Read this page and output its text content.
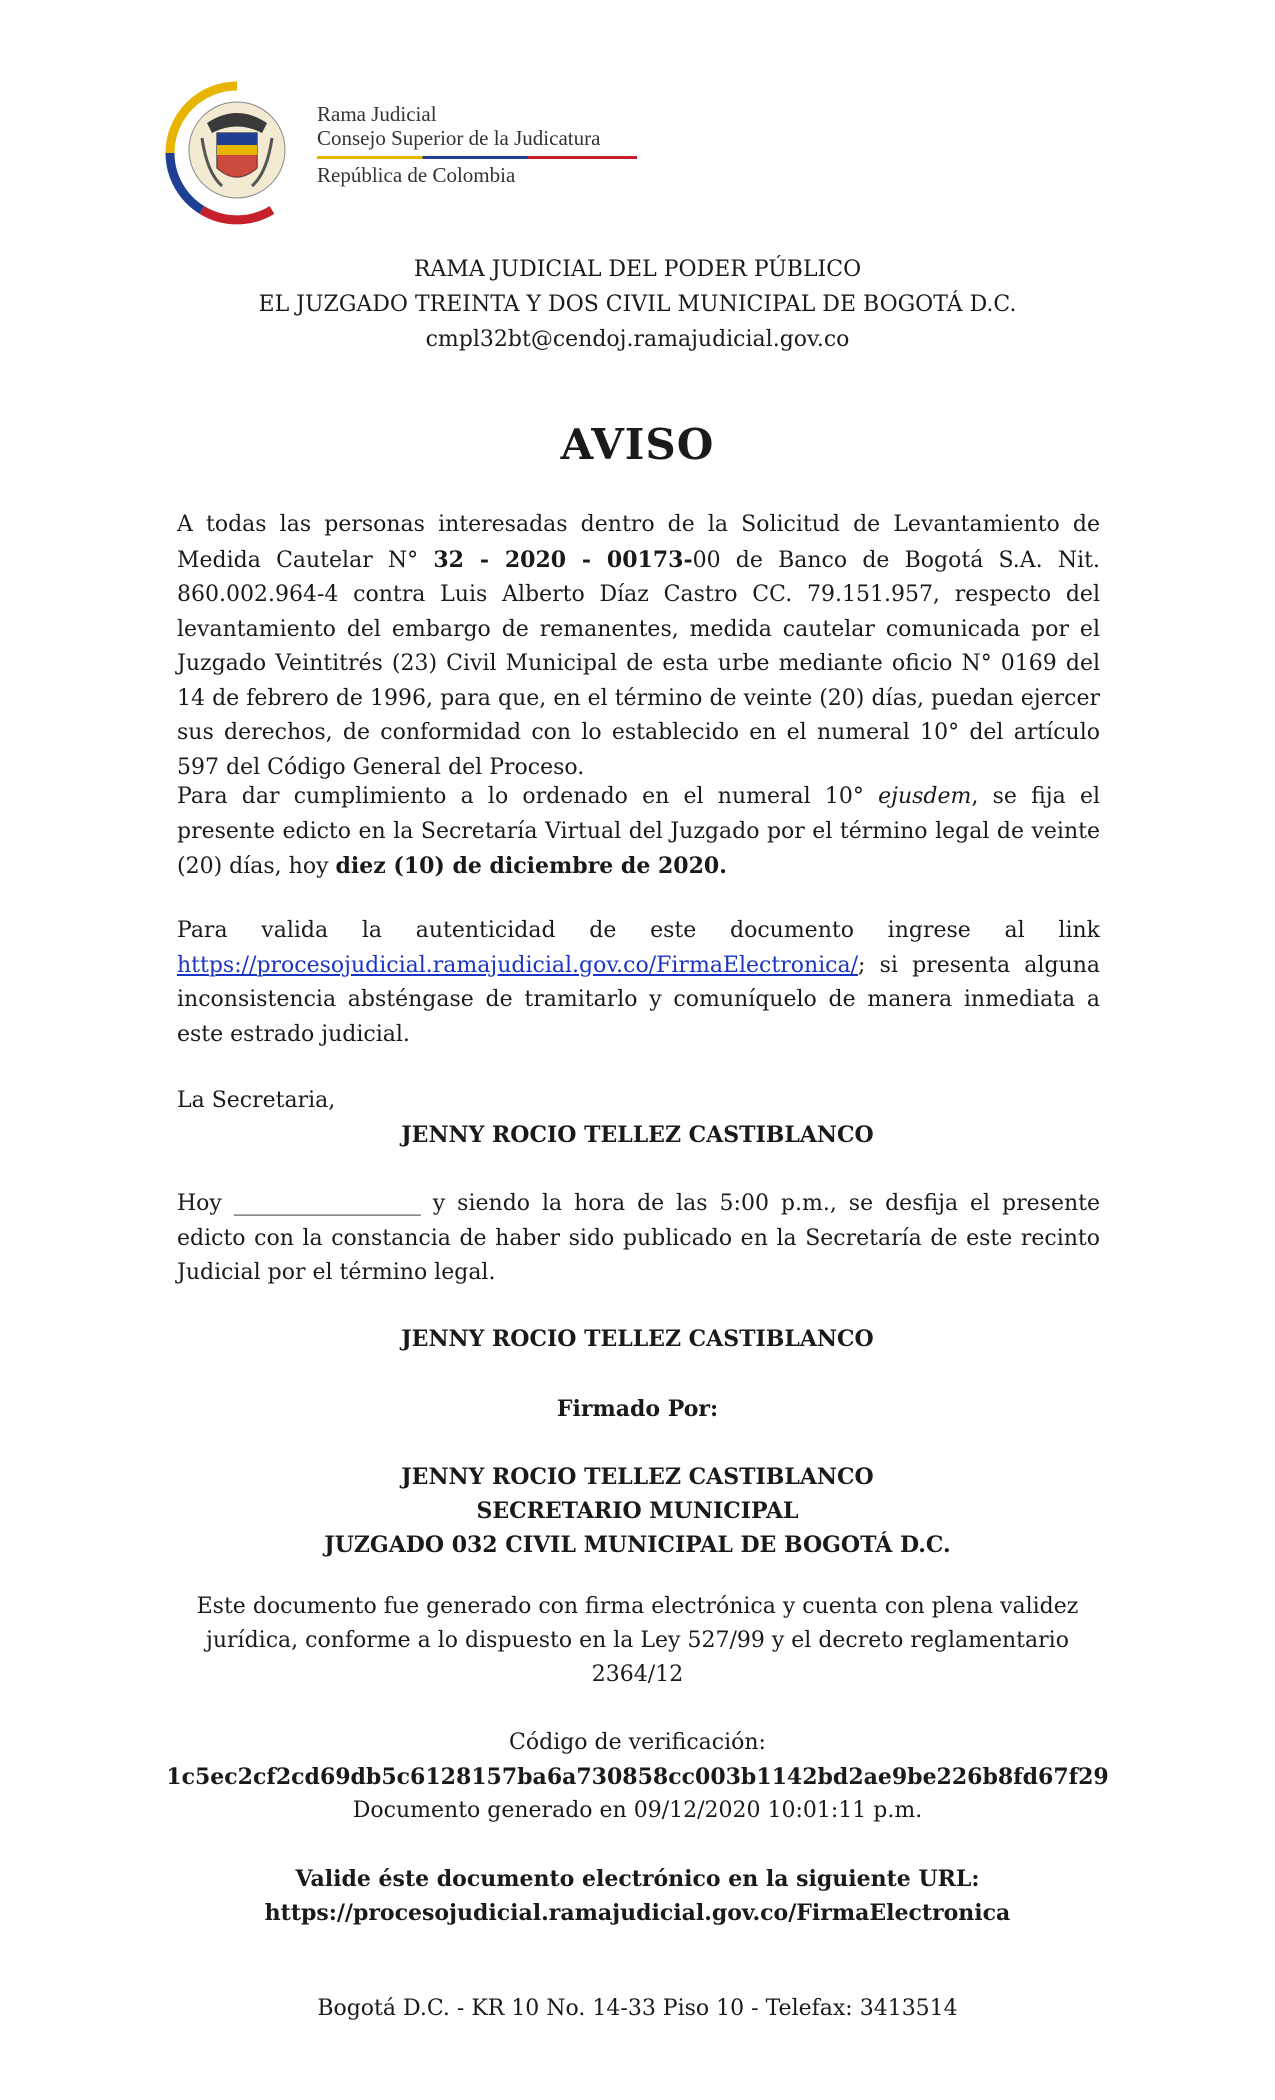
Rama Judicial
Consejo Superior de la Judicatura
República de Colombia
RAMA JUDICIAL DEL PODER PÚBLICO
EL JUZGADO TREINTA Y DOS CIVIL MUNICIPAL DE BOGOTÁ D.C.
cmpl32bt@cendoj.ramajudicial.gov.co
AVISO
A todas las personas interesadas dentro de la Solicitud de Levantamiento de Medida Cautelar N° 32 - 2020 - 00173-00 de Banco de Bogotá S.A. Nit. 860.002.964-4 contra Luis Alberto Díaz Castro CC. 79.151.957, respecto del levantamiento del embargo de remanentes, medida cautelar comunicada por el Juzgado Veintitrés (23) Civil Municipal de esta urbe mediante oficio N° 0169 del 14 de febrero de 1996, para que, en el término de veinte (20) días, puedan ejercer sus derechos, de conformidad con lo establecido en el numeral 10° del artículo 597 del Código General del Proceso.
Para dar cumplimiento a lo ordenado en el numeral 10° ejusdem, se fija el presente edicto en la Secretaría Virtual del Juzgado por el término legal de veinte (20) días, hoy diez (10) de diciembre de 2020.
Para valida la autenticidad de este documento ingrese al link https://procesojudicial.ramajudicial.gov.co/FirmaElectronica/; si presenta alguna inconsistencia absténgase de tramitarlo y comuníquelo de manera inmediata a este estrado judicial.
La Secretaria,
JENNY ROCIO TELLEZ CASTIBLANCO
Hoy _________________ y siendo la hora de las 5:00 p.m., se desfija el presente edicto con la constancia de haber sido publicado en la Secretaría de este recinto Judicial por el término legal.
JENNY ROCIO TELLEZ CASTIBLANCO
Firmado Por:
JENNY ROCIO TELLEZ CASTIBLANCO
SECRETARIO MUNICIPAL
JUZGADO 032 CIVIL MUNICIPAL DE BOGOTÁ D.C.
Este documento fue generado con firma electrónica y cuenta con plena validez jurídica, conforme a lo dispuesto en la Ley 527/99 y el decreto reglamentario 2364/12
Código de verificación:
1c5ec2cf2cd69db5c6128157ba6a730858cc003b1142bd2ae9be226b8fd67f29
Documento generado en 09/12/2020 10:01:11 p.m.
Valide éste documento electrónico en la siguiente URL:
https://procesojudicial.ramajudicial.gov.co/FirmaElectronica
Bogotá D.C. - KR 10 No. 14-33 Piso 10 - Telefax: 3413514
